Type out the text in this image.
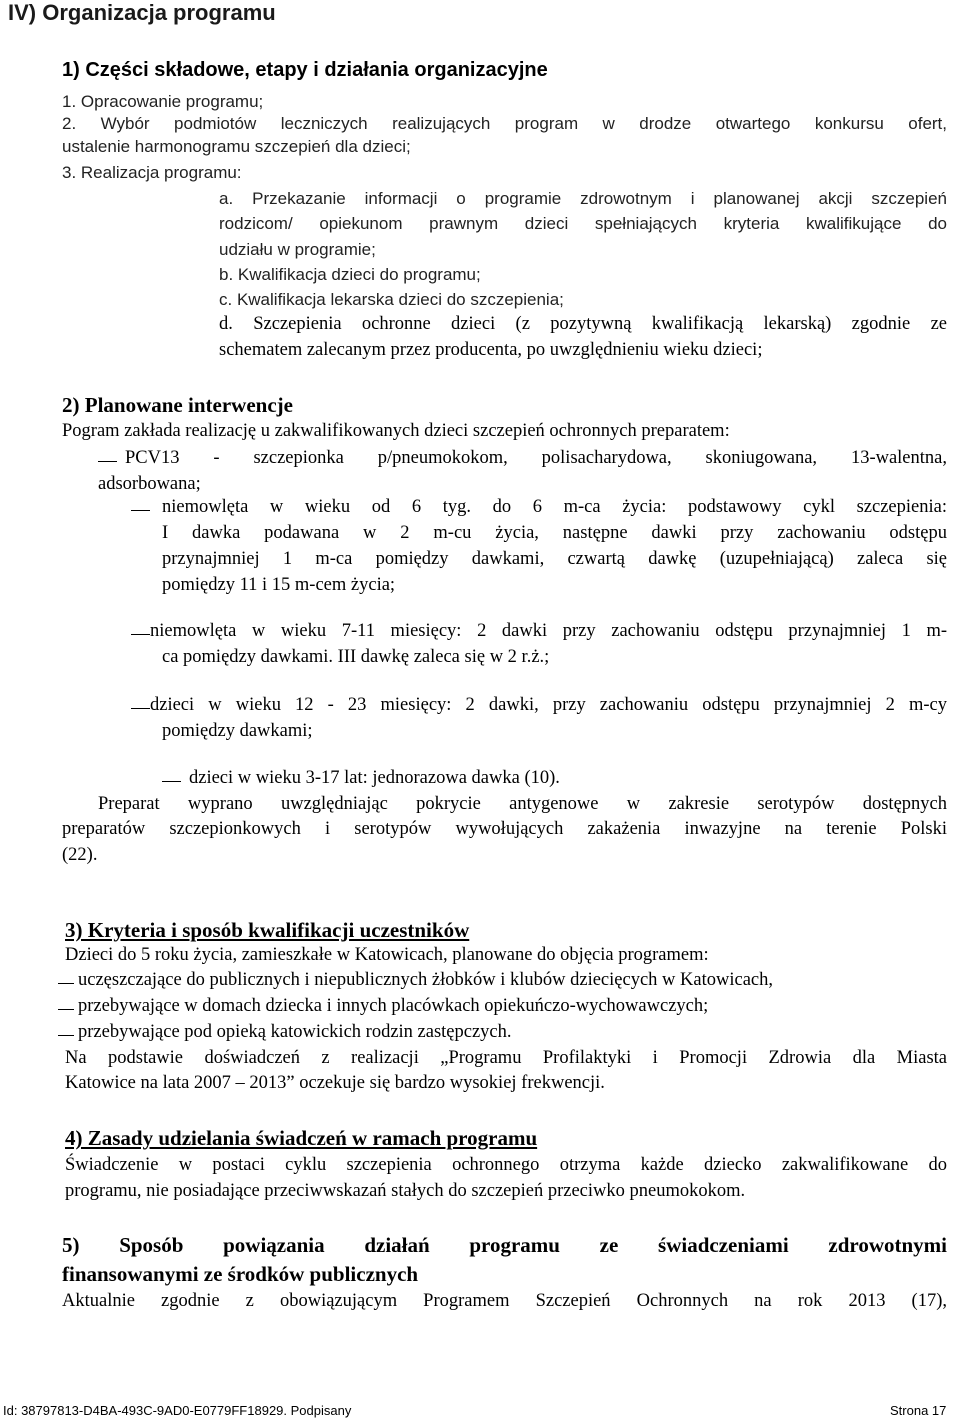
IV) Organizacja programu
1) Części składowe, etapy i działania organizacyjne
1. Opracowanie programu;
2. Wybór podmiotów leczniczych realizujących program w drodze otwartego konkursu ofert,
ustalenie harmonogramu szczepień dla dzieci;
3. Realizacja programu:
a. Przekazanie informacji o programie zdrowotnym i planowanej akcji szczepień
rodzicom/ opiekunom prawnym dzieci spełniających kryteria kwalifikujące do
udziału w programie;
b. Kwalifikacja dzieci do programu;
c. Kwalifikacja lekarska dzieci do szczepienia;
d. Szczepienia ochronne dzieci (z pozytywną kwalifikacją lekarską) zgodnie ze
schematem zalecanym przez producenta, po uwzględnieniu wieku dzieci;
2) Planowane interwencje
Pogram zakłada realizację u zakwalifikowanych dzieci szczepień ochronnych preparatem:
PCV13 - szczepionka p/pneumokokom, polisacharydowa, skoniugowana, 13-walentna,
adsorbowana;
niemowlęta w wieku od 6 tyg. do 6 m-ca życia: podstawowy cykl szczepienia:
I dawka podawana w 2 m-cu życia, następne dawki przy zachowaniu odstępu
przynajmniej 1 m-ca pomiędzy dawkami, czwartą dawkę (uzupełniającą) zaleca się
pomiędzy 11 i 15 m-cem życia;
niemowlęta w wieku 7-11 miesięcy: 2 dawki przy zachowaniu odstępu przynajmniej 1 m-
ca pomiędzy dawkami. III dawkę zaleca się w 2 r.ż.;
dzieci w wieku 12 - 23 miesięcy: 2 dawki, przy zachowaniu odstępu przynajmniej 2 m-cy
pomiędzy dawkami;
dzieci w wieku 3-17 lat: jednorazowa dawka (10).
Preparat wyprano uwzględniając pokrycie antygenowe w zakresie serotypów dostępnych
preparatów szczepionkowych i serotypów wywołujących zakażenia inwazyjne na terenie Polski
(22).
3) Kryteria i sposób kwalifikacji uczestników
Dzieci do 5 roku życia, zamieszkałe w Katowicach, planowane do objęcia programem:
uczęszczające do publicznych i niepublicznych żłobków i klubów dziecięcych w Katowicach,
przebywające w domach dziecka i innych placówkach opiekuńczo-wychowawczych;
przebywające pod opieką katowickich rodzin zastępczych.
Na podstawie doświadczeń z realizacji „Programu Profilaktyki i Promocji Zdrowia dla Miasta
Katowice na lata 2007 – 2013” oczekuje się bardzo wysokiej frekwencji.
4) Zasady udzielania świadczeń w ramach programu
Świadczenie w postaci cyklu szczepienia ochronnego otrzyma każde dziecko zakwalifikowane do
programu, nie posiadające przeciwwskazań stałych do szczepień przeciwko pneumokokom.
5) Sposób powiązania działań programu ze świadczeniami zdrowotnymi
finansowanymi ze środków publicznych
Aktualnie zgodnie z obowiązującym Programem Szczepień Ochronnych na rok 2013 (17),
Id: 38797813-D4BA-493C-9AD0-E0779FF18929. Podpisany	Strona 17
